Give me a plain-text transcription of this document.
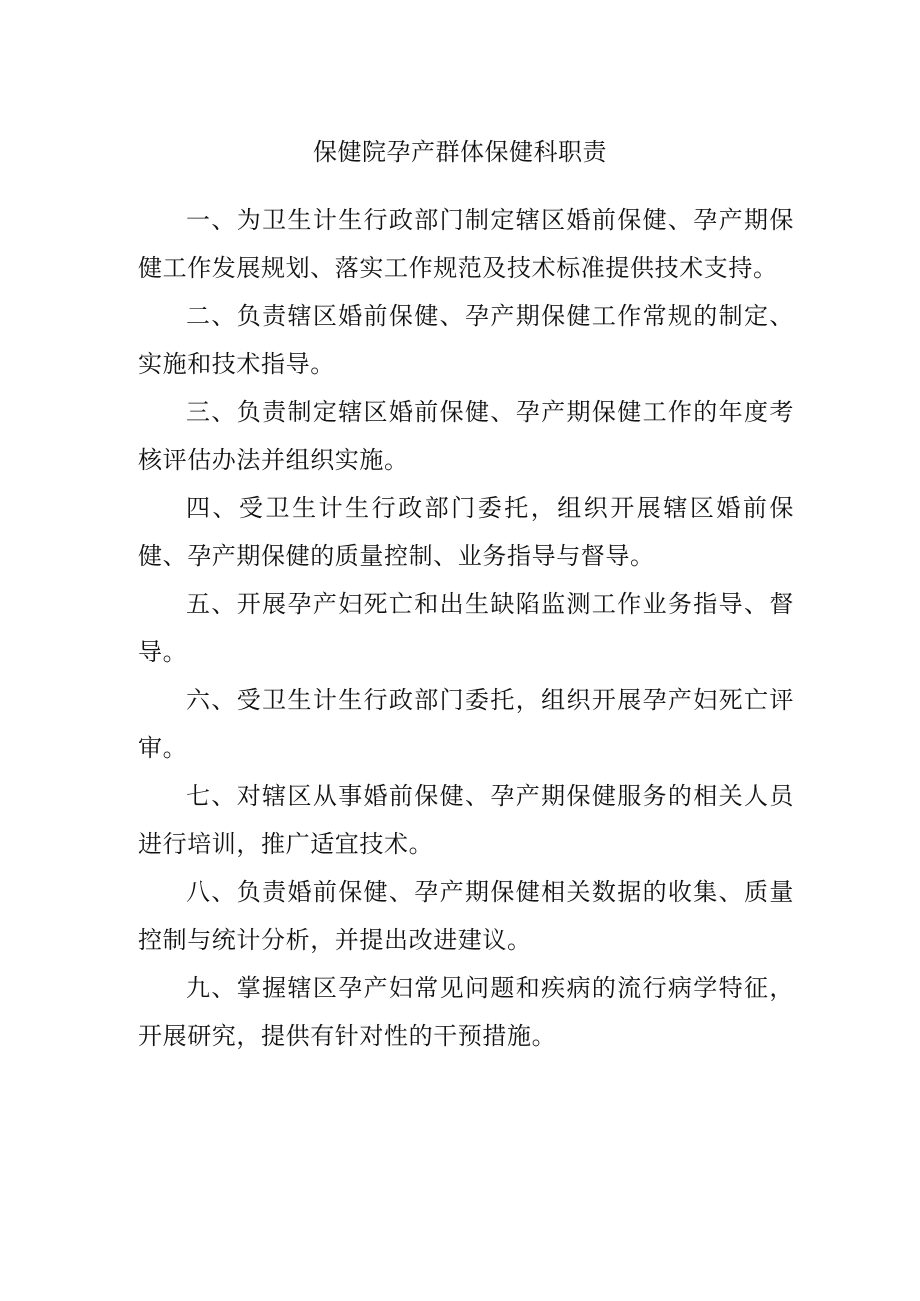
保健院孕产群体保健科职责

一、为卫生计生行政部门制定辖区婚前保健、孕产期保健工作发展规划、落实工作规范及技术标准提供技术支持。

二、负责辖区婚前保健、孕产期保健工作常规的制定、实施和技术指导。

三、负责制定辖区婚前保健、孕产期保健工作的年度考核评估办法并组织实施。

四、受卫生计生行政部门委托，组织开展辖区婚前保健、孕产期保健的质量控制、业务指导与督导。

五、开展孕产妇死亡和出生缺陷监测工作业务指导、督导。

六、受卫生计生行政部门委托，组织开展孕产妇死亡评审。

七、对辖区从事婚前保健、孕产期保健服务的相关人员进行培训，推广适宜技术。

八、负责婚前保健、孕产期保健相关数据的收集、质量控制与统计分析，并提出改进建议。

九、掌握辖区孕产妇常见问题和疾病的流行病学特征，开展研究，提供有针对性的干预措施。
